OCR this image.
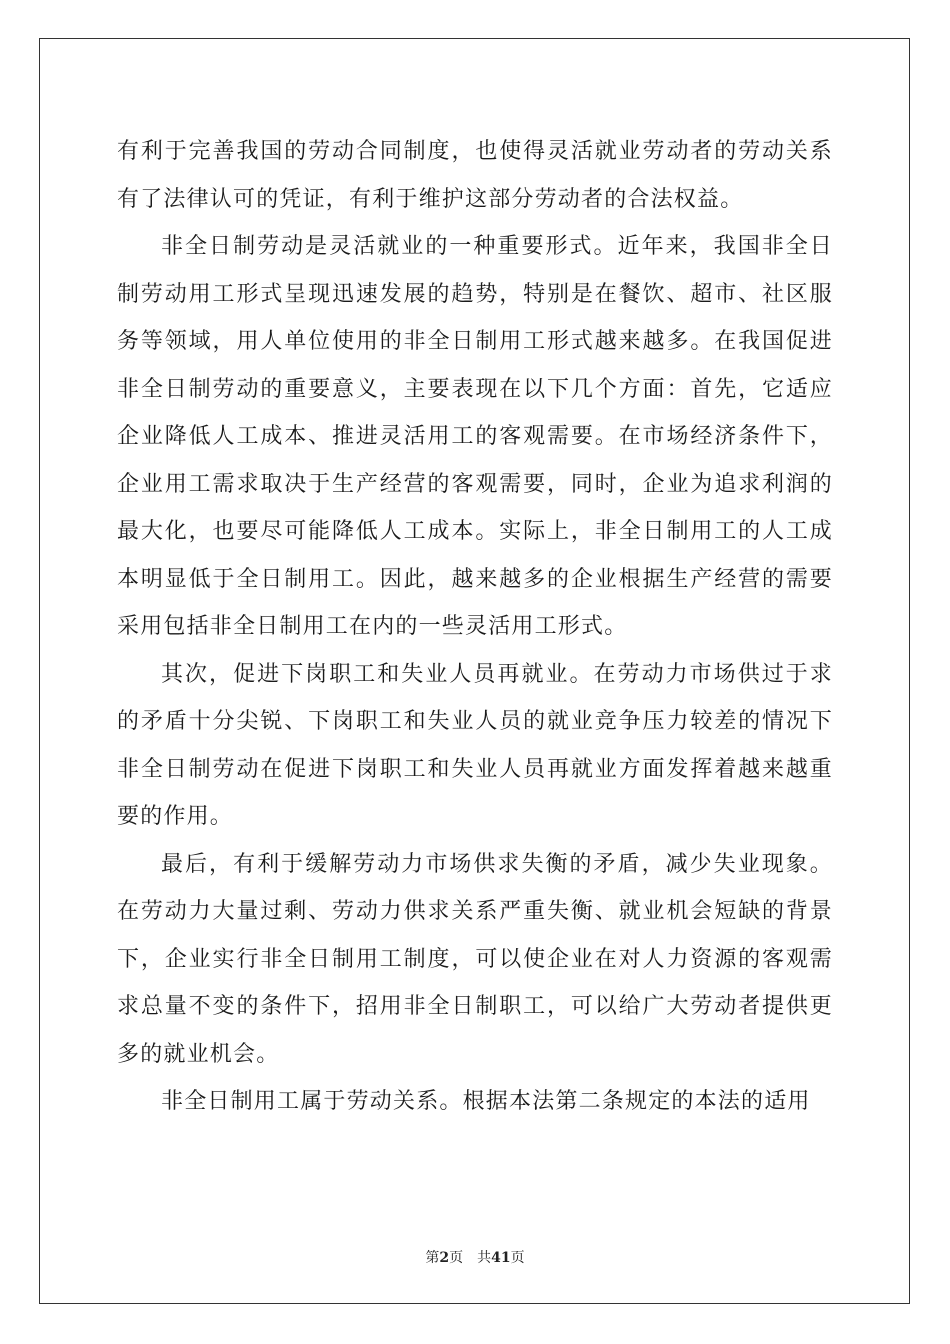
有利于完善我国的劳动合同制度，也使得灵活就业劳动者的劳动关系有了法律认可的凭证，有利于维护这部分劳动者的合法权益。

非全日制劳动是灵活就业的一种重要形式。近年来，我国非全日制劳动用工形式呈现迅速发展的趋势，特别是在餐饮、超市、社区服务等领域，用人单位使用的非全日制用工形式越来越多。在我国促进非全日制劳动的重要意义，主要表现在以下几个方面：首先，它适应企业降低人工成本、推进灵活用工的客观需要。在市场经济条件下，企业用工需求取决于生产经营的客观需要，同时，企业为追求利润的最大化，也要尽可能降低人工成本。实际上，非全日制用工的人工成本明显低于全日制用工。因此，越来越多的企业根据生产经营的需要采用包括非全日制用工在内的一些灵活用工形式。

其次，促进下岗职工和失业人员再就业。在劳动力市场供过于求的矛盾十分尖锐、下岗职工和失业人员的就业竞争压力较差的情况下非全日制劳动在促进下岗职工和失业人员再就业方面发挥着越来越重要的作用。

最后，有利于缓解劳动力市场供求失衡的矛盾，减少失业现象。在劳动力大量过剩、劳动力供求关系严重失衡、就业机会短缺的背景下，企业实行非全日制用工制度，可以使企业在对人力资源的客观需求总量不变的条件下，招用非全日制职工，可以给广大劳动者提供更多的就业机会。

非全日制用工属于劳动关系。根据本法第二条规定的本法的适用

第2页 共41页
